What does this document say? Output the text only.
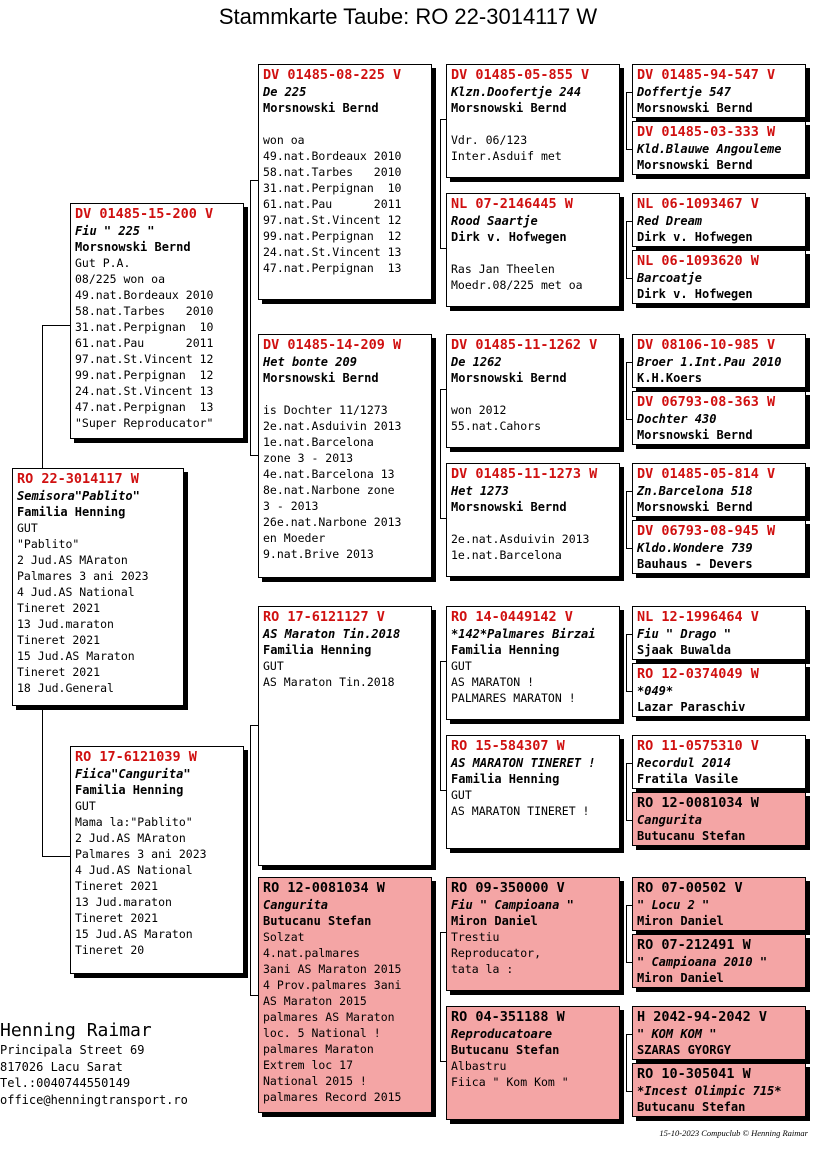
Stammkarte Taube: RO 22-3014117 W
RO 22-3014117 W
Semisora"Pablito"
Familia Henning
GUT
"Pablito"
2 Jud.AS MAraton
Palmares 3 ani 2023
4 Jud.AS National
Tineret 2021
13 Jud.maraton
Tineret 2021
15 Jud.AS Maraton
Tineret 2021
18 Jud.General
DV 01485-15-200 V
Fiu " 225 "
Morsnowski Bernd
Gut P.A.
08/225 won oa
49.nat.Bordeaux 2010
58.nat.Tarbes   2010
31.nat.Perpignan  10
61.nat.Pau      2011
97.nat.St.Vincent 12
99.nat.Perpignan  12
24.nat.St.Vincent 13
47.nat.Perpignan  13
"Super Reproducator"
RO 17-6121039 W
Fiica"Cangurita"
Familia Henning
GUT
Mama la:"Pablito"
2 Jud.AS MAraton
Palmares 3 ani 2023
4 Jud.AS National
Tineret 2021
13 Jud.maraton
Tineret 2021
15 Jud.AS Maraton
Tineret 20
DV 01485-08-225 V
De 225
Morsnowski Bernd

won oa
49.nat.Bordeaux 2010
58.nat.Tarbes   2010
31.nat.Perpignan  10
61.nat.Pau      2011
97.nat.St.Vincent 12
99.nat.Perpignan  12
24.nat.St.Vincent 13
47.nat.Perpignan  13
DV 01485-14-209 W
Het bonte 209
Morsnowski Bernd

is Dochter 11/1273
2e.nat.Asduivin 2013
1e.nat.Barcelona
zone 3 - 2013
4e.nat.Barcelona 13
8e.nat.Narbone zone
3 - 2013
26e.nat.Narbone 2013
en Moeder
9.nat.Brive 2013
RO 17-6121127 V
AS Maraton Tin.2018
Familia Henning
GUT
AS Maraton Tin.2018
RO 12-0081034 W
Cangurita
Butucanu Stefan
Solzat
4.nat.palmares
3ani AS Maraton 2015
4 Prov.palmares 3ani
AS Maraton 2015
palmares AS Maraton
loc. 5 National !
palmares Maraton
Extrem loc 17
National 2015 !
palmares Record 2015
DV 01485-05-855 V
Klzn.Doofertje 244
Morsnowski Bernd

Vdr. 06/123
Inter.Asduif met
NL 07-2146445 W
Rood Saartje
Dirk v. Hofwegen

Ras Jan Theelen
Moedr.08/225 met oa
DV 01485-11-1262 V
De 1262
Morsnowski Bernd

won 2012
55.nat.Cahors
DV 01485-11-1273 W
Het 1273
Morsnowski Bernd

2e.nat.Asduivin 2013
1e.nat.Barcelona
RO 14-0449142 V
*142*Palmares Birzai
Familia Henning
GUT
AS MARATON !
PALMARES MARATON !
RO 15-584307 W
AS MARATON TINERET !
Familia Henning
GUT
AS MARATON TINERET !
RO 09-350000 V
Fiu " Campioana "
Miron Daniel
Trestiu
Reproducator,
tata la :
RO 04-351188 W
Reproducatoare
Butucanu Stefan
Albastru
Fiica " Kom Kom "
DV 01485-94-547 V
Doffertje 547
Morsnowski Bernd
DV 01485-03-333 W
Kld.Blauwe Angouleme
Morsnowski Bernd
NL 06-1093467 V
Red Dream
Dirk v. Hofwegen
NL 06-1093620 W
Barcoatje
Dirk v. Hofwegen
DV 08106-10-985 V
Broer 1.Int.Pau 2010
K.H.Koers
DV 06793-08-363 W
Dochter 430
Morsnowski Bernd
DV 01485-05-814 V
Zn.Barcelona 518
Morsnowski Bernd
DV 06793-08-945 W
Kldo.Wondere 739
Bauhaus - Devers
NL 12-1996464 V
Fiu " Drago "
Sjaak Buwalda
RO 12-0374049 W
*049*
Lazar Paraschiv
RO 11-0575310 V
Recordul 2014
Fratila Vasile
RO 12-0081034 W
Cangurita
Butucanu Stefan
RO 07-00502 V
" Locu 2 "
Miron Daniel
RO 07-212491 W
" Campioana 2010 "
Miron Daniel
H 2042-94-2042 V
" KOM KOM "
SZARAS GYORGY
RO 10-305041 W
*Incest Olimpic 715*
Butucanu Stefan
Henning Raimar
Principala Street 69
817026 Lacu Sarat
Tel.:0040744550149
office@henningtransport.ro
15-10-2023 Compuclub © Henning Raimar
